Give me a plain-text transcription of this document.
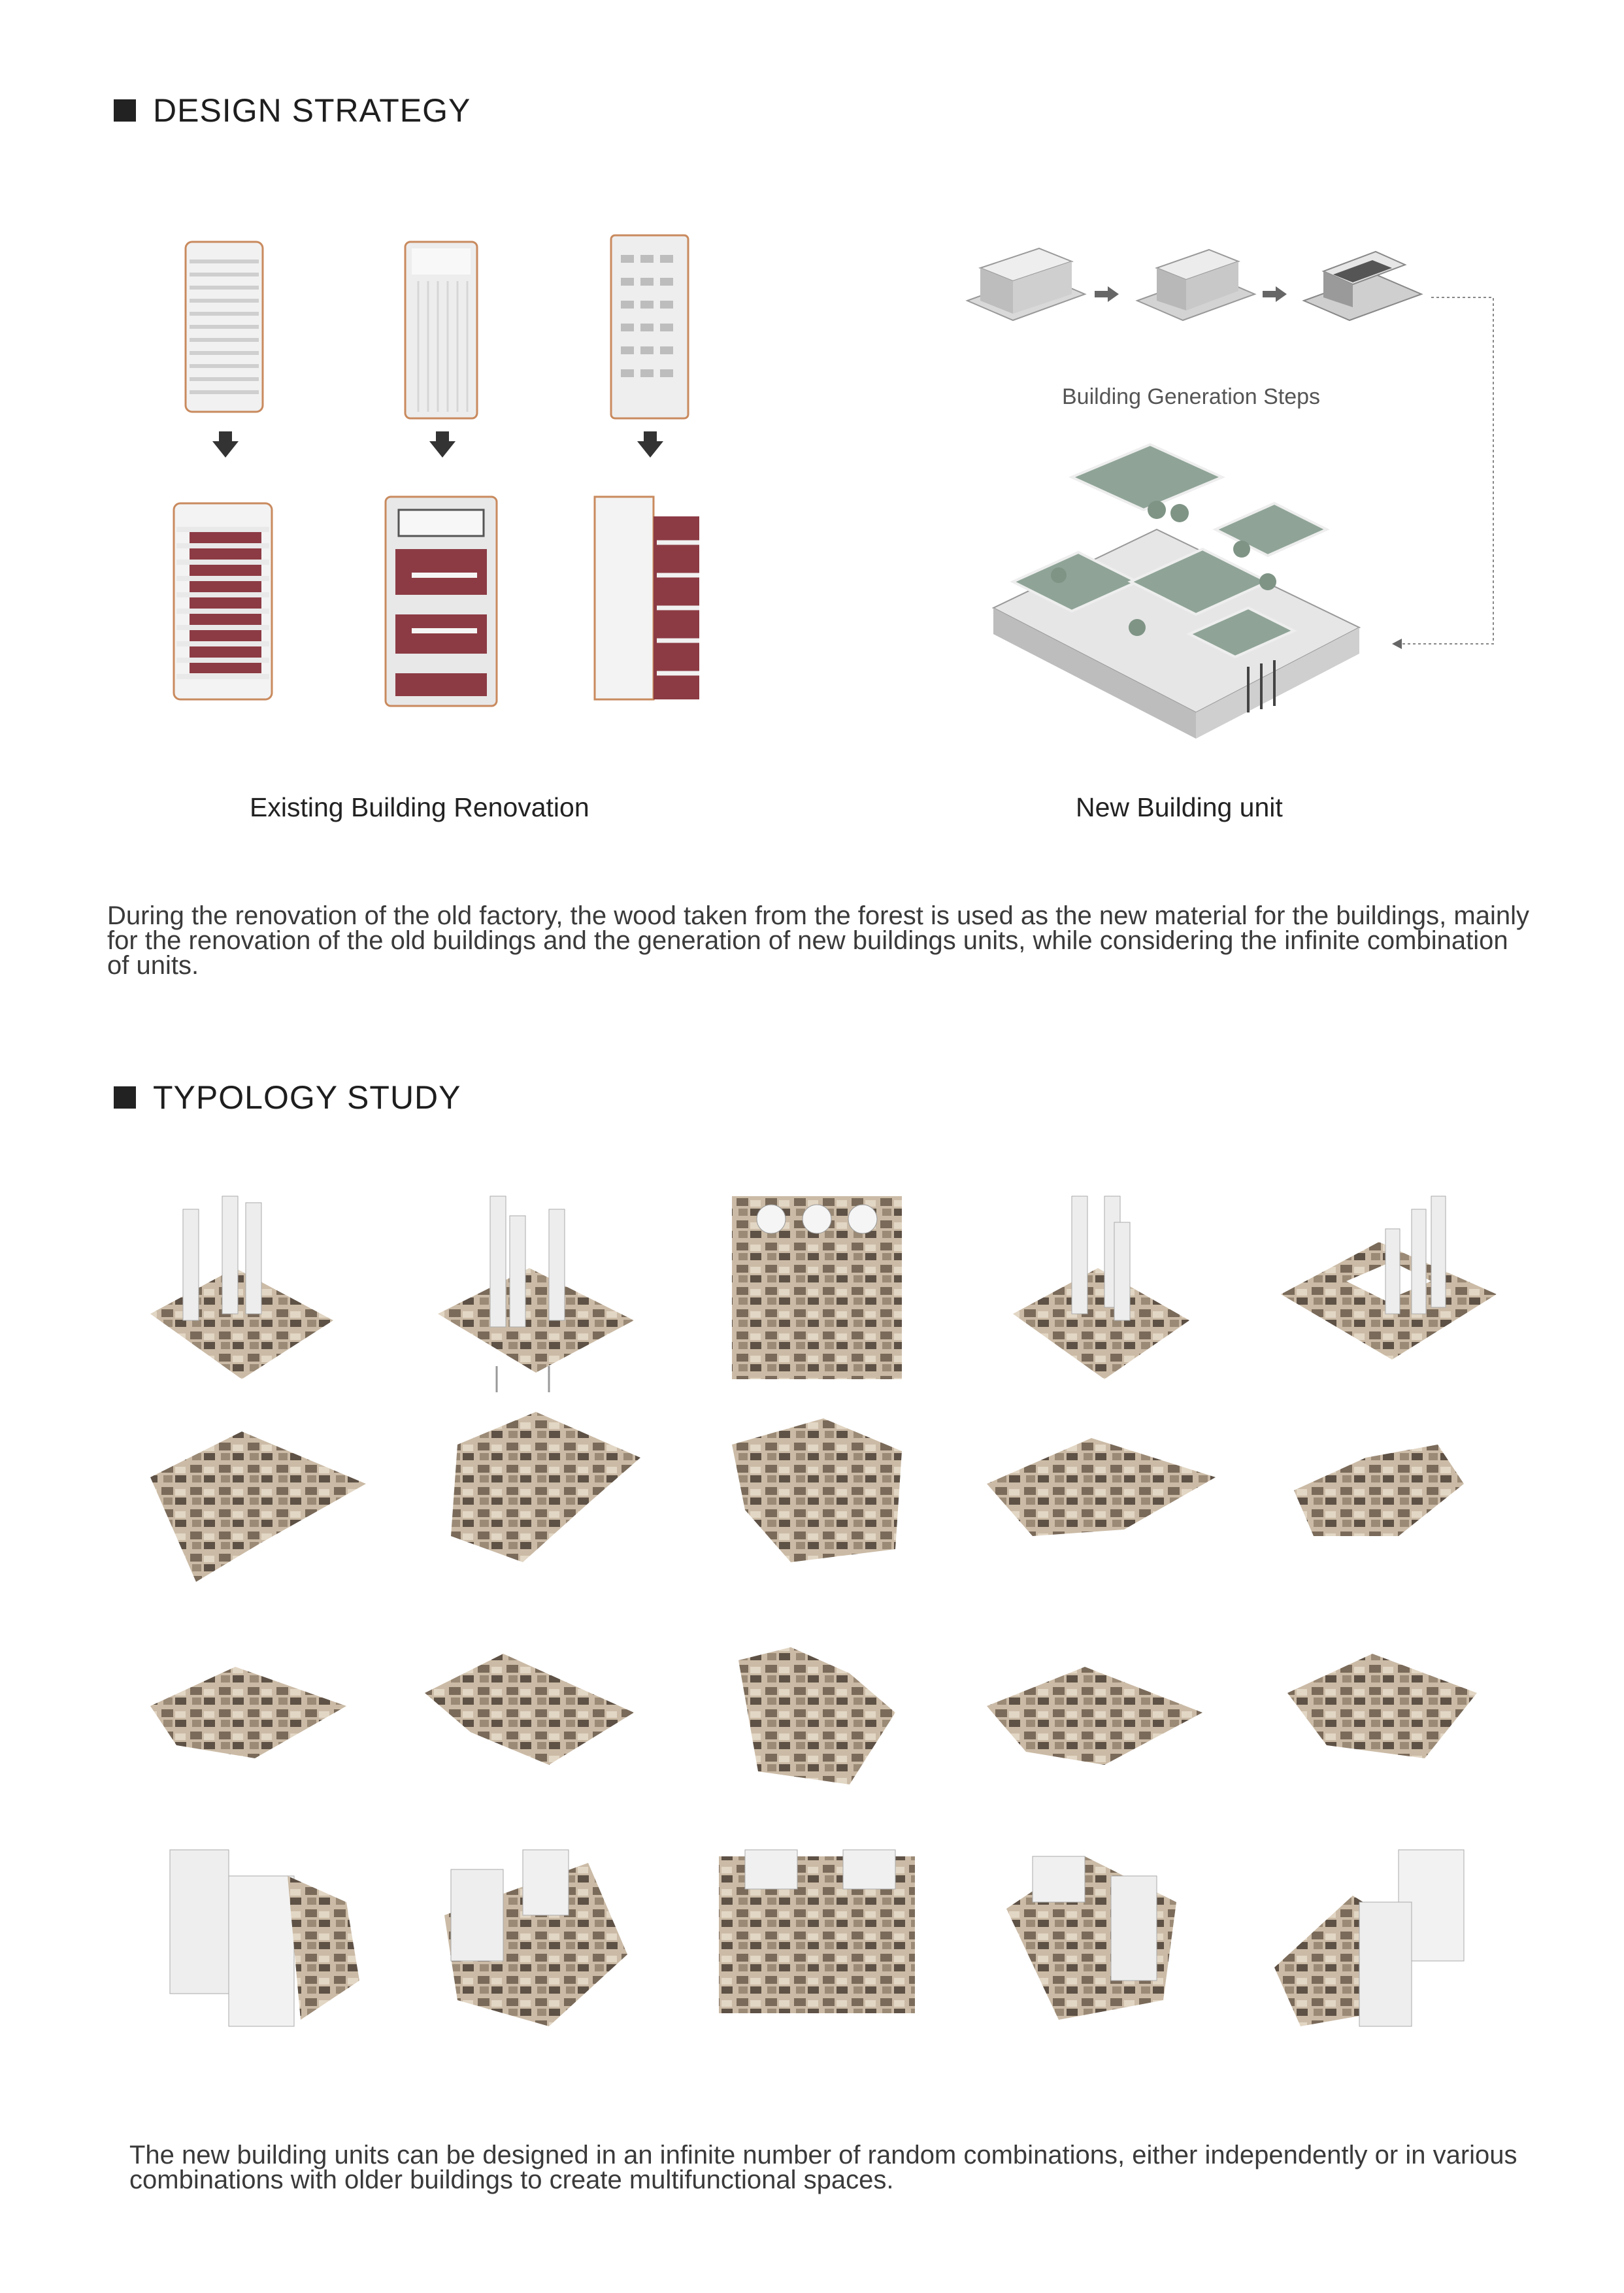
DESIGN STRATEGY
Existing Building Renovation
Building Generation Steps
New Building unit
During the renovation of the old factory, the wood taken from the forest is used as the new material for the buildings, mainly for the renovation of the old buildings and the generation of new buildings units, while considering the infinite combination of units.
TYPOLOGY STUDY
The new building units can be designed in an infinite number of random combinations, either independently or in various combinations with older buildings to create multifunctional spaces.
